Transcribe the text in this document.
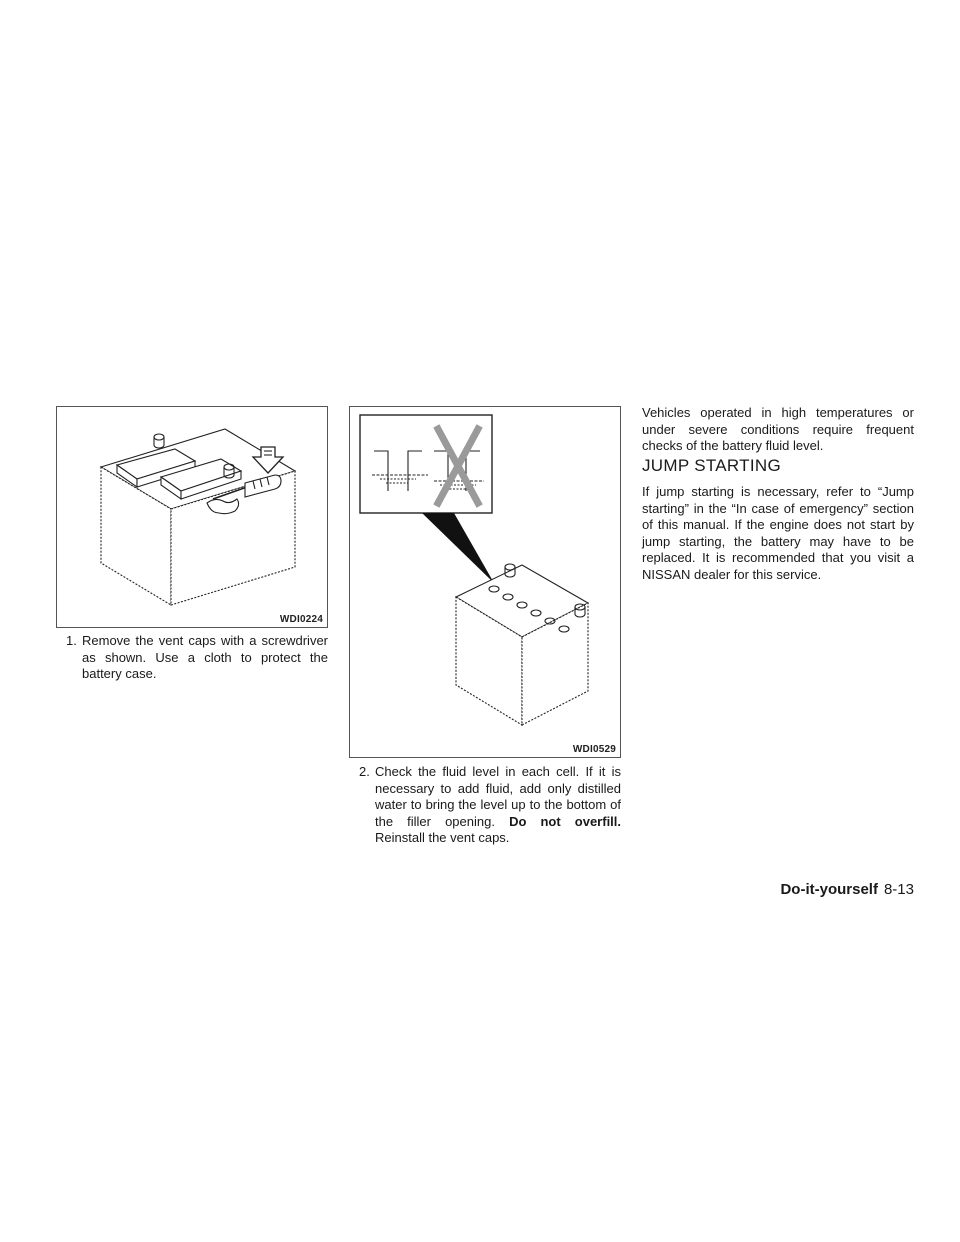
WDI0224

1. Remove the vent caps with a screwdriver as shown. Use a cloth to protect the battery case.

WDI0529

2. Check the fluid level in each cell. If it is necessary to add fluid, add only distilled water to bring the level up to the bottom of the filler opening. Do not overfill. Reinstall the vent caps.

Vehicles operated in high temperatures or under severe conditions require frequent checks of the battery fluid level.

JUMP STARTING

If jump starting is necessary, refer to “Jump starting” in the “In case of emergency” section of this manual. If the engine does not start by jump starting, the battery may have to be replaced. It is recommended that you visit a NISSAN dealer for this service.

Do-it-yourself 8-13
